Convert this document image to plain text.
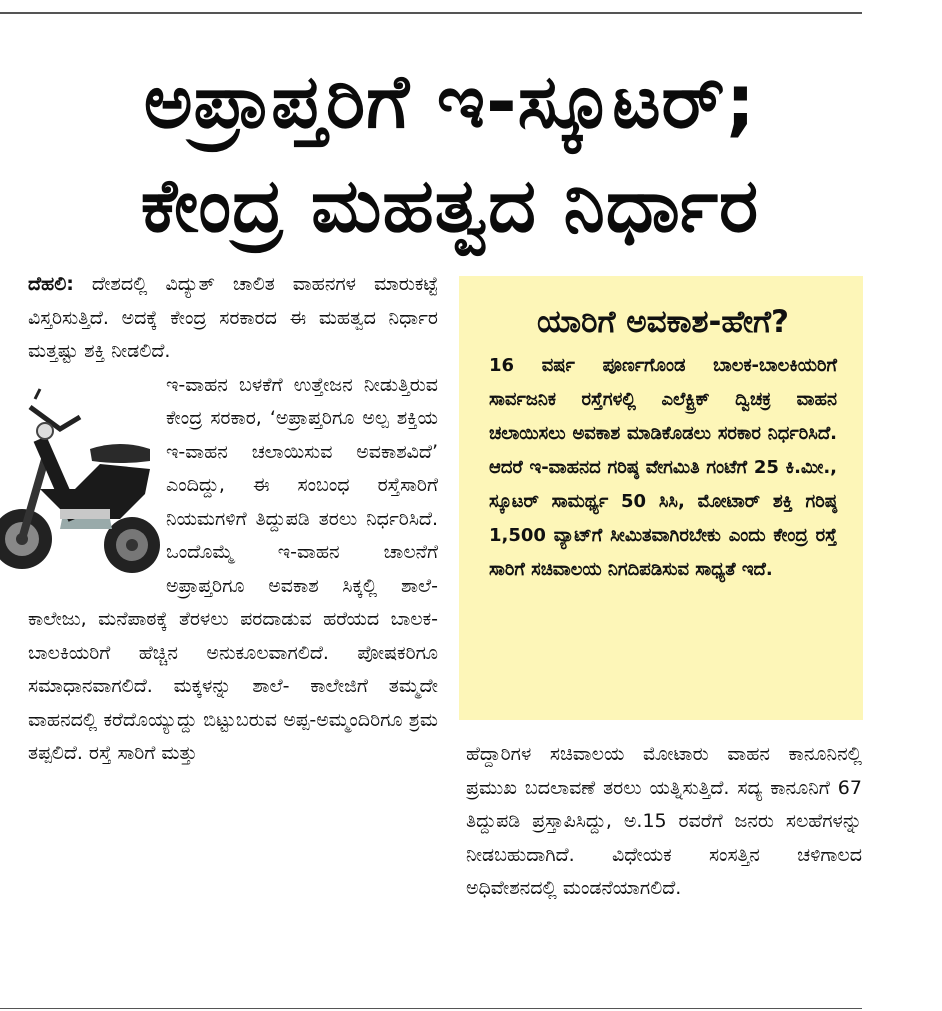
ಅಪ್ರಾಪ್ತರಿಗೆ ಇ-ಸ್ಕೂಟರ್;
ಕೇಂದ್ರ ಮಹತ್ವದ ನಿರ್ಧಾರ

ದೆಹಲಿ: ದೇಶದಲ್ಲಿ ವಿದ್ಯುತ್ ಚಾಲಿತ ವಾಹನಗಳ ಮಾರುಕಟ್ಟೆ ವಿಸ್ತರಿಸುತ್ತಿದೆ. ಅದಕ್ಕೆ ಕೇಂದ್ರ ಸರಕಾರದ ಈ ಮಹತ್ವದ ನಿರ್ಧಾರ ಮತ್ತಷ್ಟು ಶಕ್ತಿ ನೀಡಲಿದೆ.

ಇ-ವಾಹನ ಬಳಕೆಗೆ ಉತ್ತೇಜನ ನೀಡುತ್ತಿರುವ ಕೇಂದ್ರ ಸರಕಾರ, ‘ಅಪ್ರಾಪ್ತರಿಗೂ ಅಲ್ಪ ಶಕ್ತಿಯ ಇ-ವಾಹನ ಚಲಾಯಿಸುವ ಅವಕಾಶವಿದೆ’ ಎಂದಿದ್ದು, ಈ ಸಂಬಂಧ ರಸ್ತೆಸಾರಿಗೆ ನಿಯಮಗಳಿಗೆ ತಿದ್ದುಪಡಿ ತರಲು ನಿರ್ಧರಿಸಿದೆ. ಒಂದೊಮ್ಮೆ ಇ-ವಾಹನ ಚಾಲನೆಗೆ ಅಪ್ರಾಪ್ತರಿಗೂ ಅವಕಾಶ ಸಿಕ್ಕಲ್ಲಿ ಶಾಲೆ- ಕಾಲೇಜು, ಮನೆಪಾಠಕ್ಕೆ ತೆರಳಲು ಪರದಾಡುವ ಹರೆಯದ ಬಾಲಕ-ಬಾಲಕಿಯರಿಗೆ ಹೆಚ್ಚಿನ ಅನುಕೂಲವಾಗಲಿದೆ. ಪೋಷಕರಿಗೂ ಸಮಾಧಾನವಾಗಲಿದೆ. ಮಕ್ಕಳನ್ನು ಶಾಲೆ- ಕಾಲೇಜಿಗೆ ತಮ್ಮದೇ ವಾಹನದಲ್ಲಿ ಕರೆದೊಯ್ಯುದ್ದು ಬಿಟ್ಟುಬರುವ ಅಪ್ಪ-ಅಮ್ಮಂದಿರಿಗೂ ಶ್ರಮ ತಪ್ಪಲಿದೆ. ರಸ್ತೆ ಸಾರಿಗೆ ಮತ್ತು

ಯಾರಿಗೆ ಅವಕಾಶ-ಹೇಗೆ?
16 ವರ್ಷ ಪೂರ್ಣಗೊಂಡ ಬಾಲಕ-ಬಾಲಕಿಯರಿಗೆ ಸಾರ್ವಜನಿಕ ರಸ್ತೆಗಳಲ್ಲಿ ಎಲೆಕ್ಟ್ರಿಕ್ ದ್ವಿಚಕ್ರ ವಾಹನ ಚಲಾಯಿಸಲು ಅವಕಾಶ ಮಾಡಿಕೊಡಲು ಸರಕಾರ ನಿರ್ಧರಿಸಿದೆ. ಆದರೆ ಇ-ವಾಹನದ ಗರಿಷ್ಠ ವೇಗಮಿತಿ ಗಂಟೆಗೆ 25 ಕಿ.ಮೀ., ಸ್ಕೂಟರ್ ಸಾಮರ್ಥ್ಯ 50 ಸಿಸಿ, ಮೋಟಾರ್ ಶಕ್ತಿ ಗರಿಷ್ಠ 1,500 ವ್ಯಾಟ್‌ಗೆ ಸೀಮಿತವಾಗಿರಬೇಕು ಎಂದು ಕೇಂದ್ರ ರಸ್ತೆ ಸಾರಿಗೆ ಸಚಿವಾಲಯ ನಿಗದಿಪಡಿಸುವ ಸಾಧ್ಯತೆ ಇದೆ.

ಹೆದ್ದಾರಿಗಳ ಸಚಿವಾಲಯ ಮೋಟಾರು ವಾಹನ ಕಾನೂನಿನಲ್ಲಿ ಪ್ರಮುಖ ಬದಲಾವಣೆ ತರಲು ಯತ್ನಿಸುತ್ತಿದೆ. ಸದ್ಯ ಕಾನೂನಿಗೆ 67 ತಿದ್ದುಪಡಿ ಪ್ರಸ್ತಾಪಿಸಿದ್ದು, ಅ.15 ರವರೆಗೆ ಜನರು ಸಲಹೆಗಳನ್ನು ನೀಡಬಹುದಾಗಿದೆ. ವಿಧೇಯಕ ಸಂಸತ್ತಿನ ಚಳಿಗಾಲದ ಅಧಿವೇಶನದಲ್ಲಿ ಮಂಡನೆಯಾಗಲಿದೆ.
